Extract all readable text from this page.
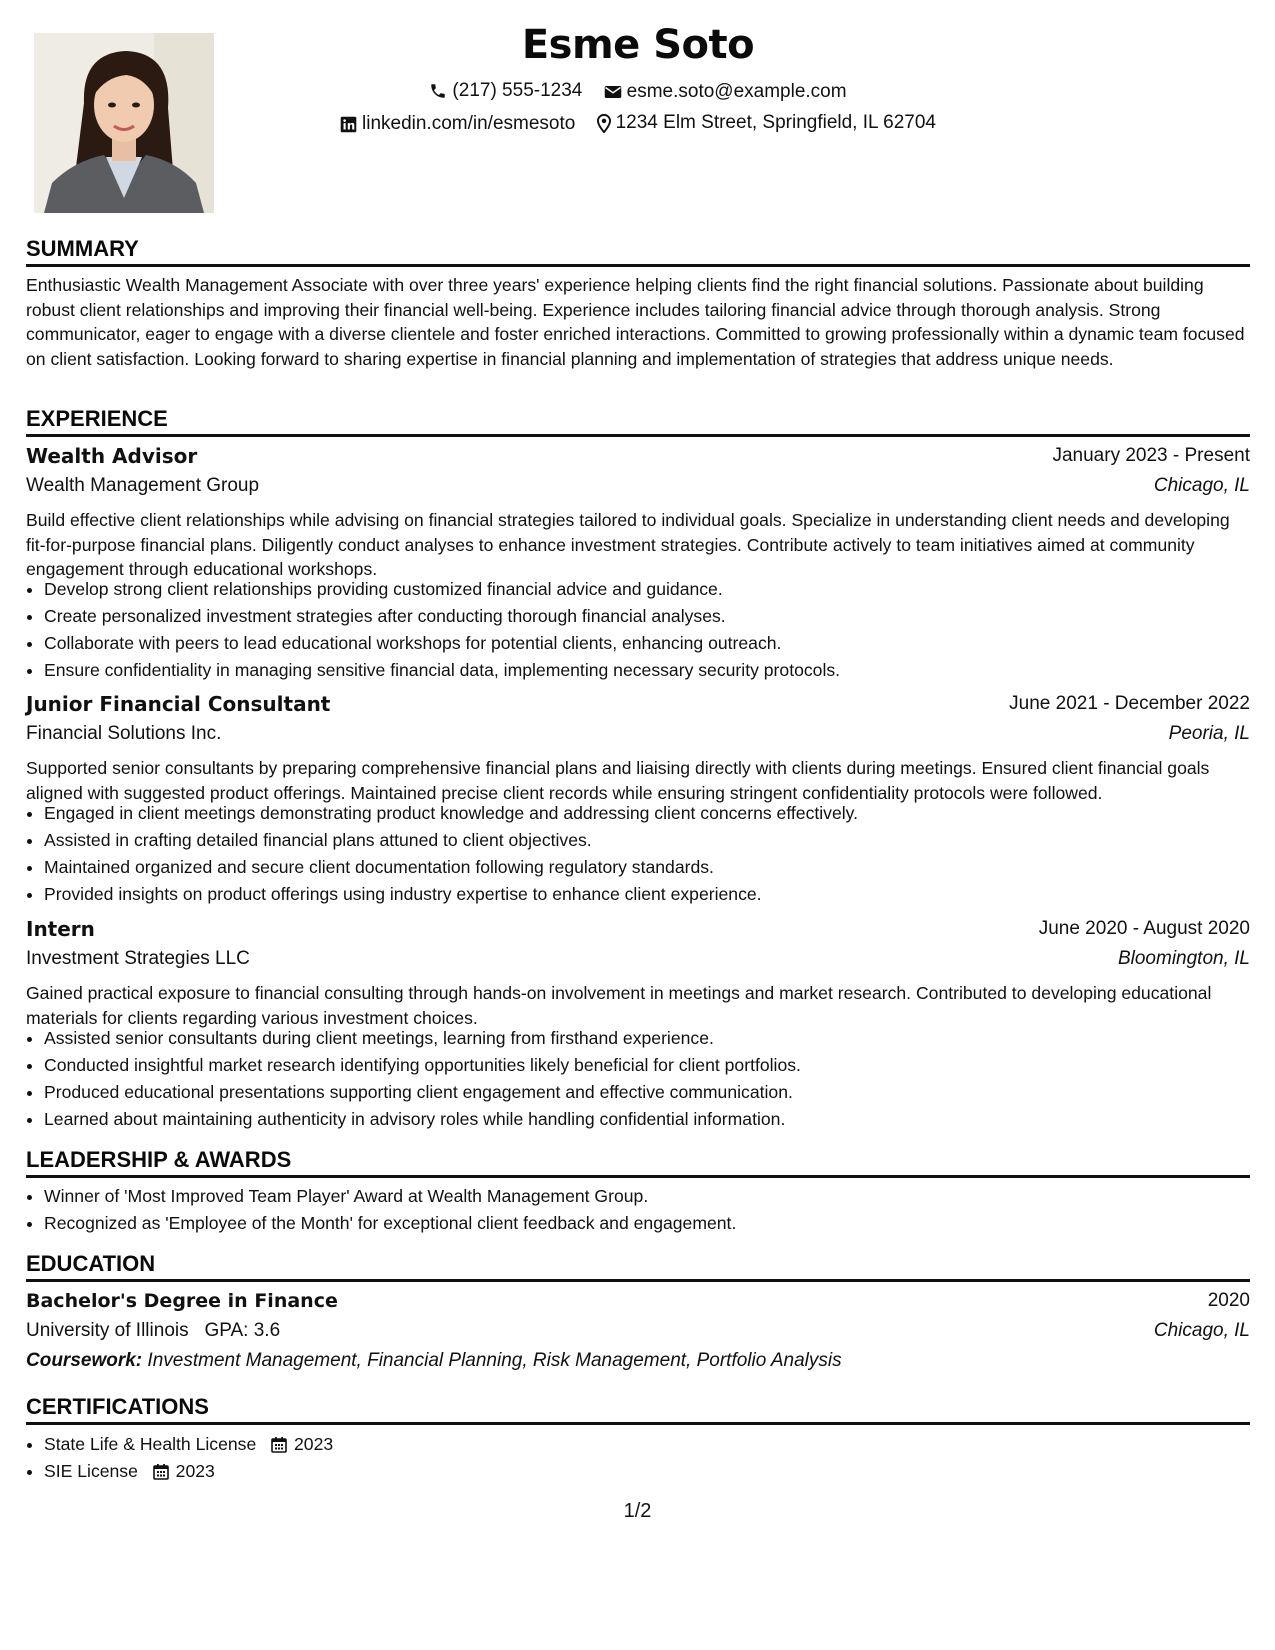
Esme Soto
(217) 555-1234
esme.soto@example.com
linkedin.com/in/esmesoto
1234 Elm Street, Springfield, IL 62704
SUMMARY
Enthusiastic Wealth Management Associate with over three years' experience helping clients find the right financial solutions. Passionate about building robust client relationships and improving their financial well-being. Experience includes tailoring financial advice through thorough analysis. Strong communicator, eager to engage with a diverse clientele and foster enriched interactions. Committed to growing professionally within a dynamic team focused on client satisfaction. Looking forward to sharing expertise in financial planning and implementation of strategies that address unique needs.
EXPERIENCE
Wealth Advisor	January 2023 - Present
Wealth Management Group	Chicago, IL
Build effective client relationships while advising on financial strategies tailored to individual goals. Specialize in understanding client needs and developing fit-for-purpose financial plans. Diligently conduct analyses to enhance investment strategies. Contribute actively to team initiatives aimed at community engagement through educational workshops.
• Develop strong client relationships providing customized financial advice and guidance.
• Create personalized investment strategies after conducting thorough financial analyses.
• Collaborate with peers to lead educational workshops for potential clients, enhancing outreach.
• Ensure confidentiality in managing sensitive financial data, implementing necessary security protocols.
Junior Financial Consultant	June 2021 - December 2022
Financial Solutions Inc.	Peoria, IL
Supported senior consultants by preparing comprehensive financial plans and liaising directly with clients during meetings. Ensured client financial goals aligned with suggested product offerings. Maintained precise client records while ensuring stringent confidentiality protocols were followed.
• Engaged in client meetings demonstrating product knowledge and addressing client concerns effectively.
• Assisted in crafting detailed financial plans attuned to client objectives.
• Maintained organized and secure client documentation following regulatory standards.
• Provided insights on product offerings using industry expertise to enhance client experience.
Intern	June 2020 - August 2020
Investment Strategies LLC	Bloomington, IL
Gained practical exposure to financial consulting through hands-on involvement in meetings and market research. Contributed to developing educational materials for clients regarding various investment choices.
• Assisted senior consultants during client meetings, learning from firsthand experience.
• Conducted insightful market research identifying opportunities likely beneficial for client portfolios.
• Produced educational presentations supporting client engagement and effective communication.
• Learned about maintaining authenticity in advisory roles while handling confidential information.
LEADERSHIP & AWARDS
• Winner of 'Most Improved Team Player' Award at Wealth Management Group.
• Recognized as 'Employee of the Month' for exceptional client feedback and engagement.
EDUCATION
Bachelor's Degree in Finance	2020
University of Illinois GPA: 3.6	Chicago, IL
Coursework: Investment Management, Financial Planning, Risk Management, Portfolio Analysis
CERTIFICATIONS
• State Life & Health License 2023
• SIE License 2023
1/2
